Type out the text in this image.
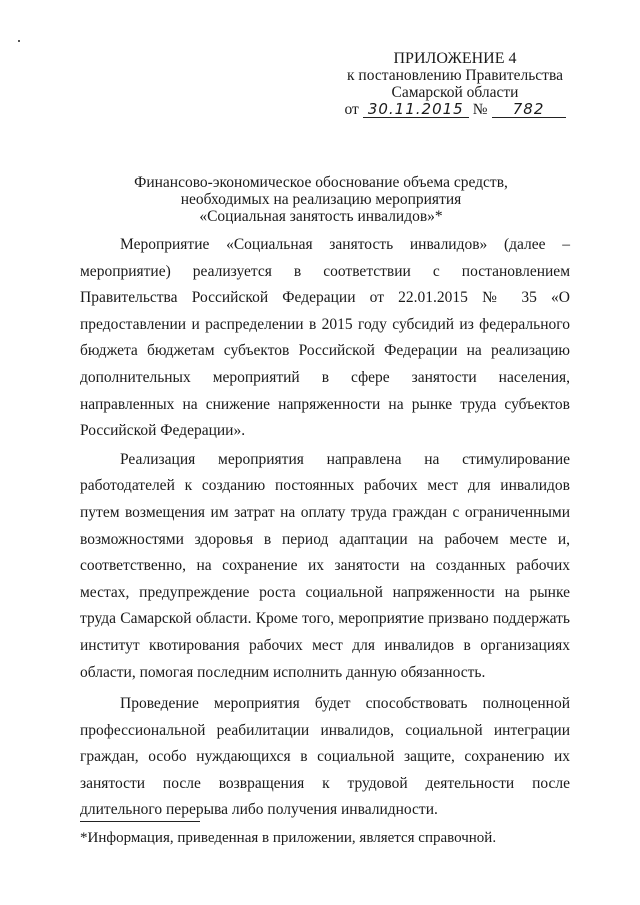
ПРИЛОЖЕНИЕ 4
к постановлению Правительства
Самарской области
от 30.11.2015 №	782
Финансово-экономическое обоснование объема средств,
необходимых на реализацию мероприятия
«Социальная занятость инвалидов»*

Мероприятие «Социальная занятость инвалидов» (далее – мероприятие) реализуется в соответствии с постановлением Правительства Российской Федерации от 22.01.2015 № 35 «О предоставлении и распределении в 2015 году субсидий из федерального бюджета бюджетам субъектов Российской Федерации на реализацию дополнительных мероприятий в сфере занятости населения, направленных на снижение напряженности на рынке труда субъектов Российской Федерации».

Реализация мероприятия направлена на стимулирование работодателей к созданию постоянных рабочих мест для инвалидов путем возмещения им затрат на оплату труда граждан с ограниченными возможностями здоровья в период адаптации на рабочем месте и, соответственно, на сохранение их занятости на созданных рабочих местах, предупреждение роста социальной напряженности на рынке труда Самарской области. Кроме того, мероприятие призвано поддержать институт квотирования рабочих мест для инвалидов в организациях области, помогая последним исполнить данную обязанность.

Проведение мероприятия будет способствовать полноценной профессиональной реабилитации инвалидов, социальной интеграции граждан, особо нуждающихся в социальной защите, сохранению их занятости после возвращения к трудовой деятельности после длительного перерыва либо получения инвалидности.

*Информация, приведенная в приложении, является справочной.
